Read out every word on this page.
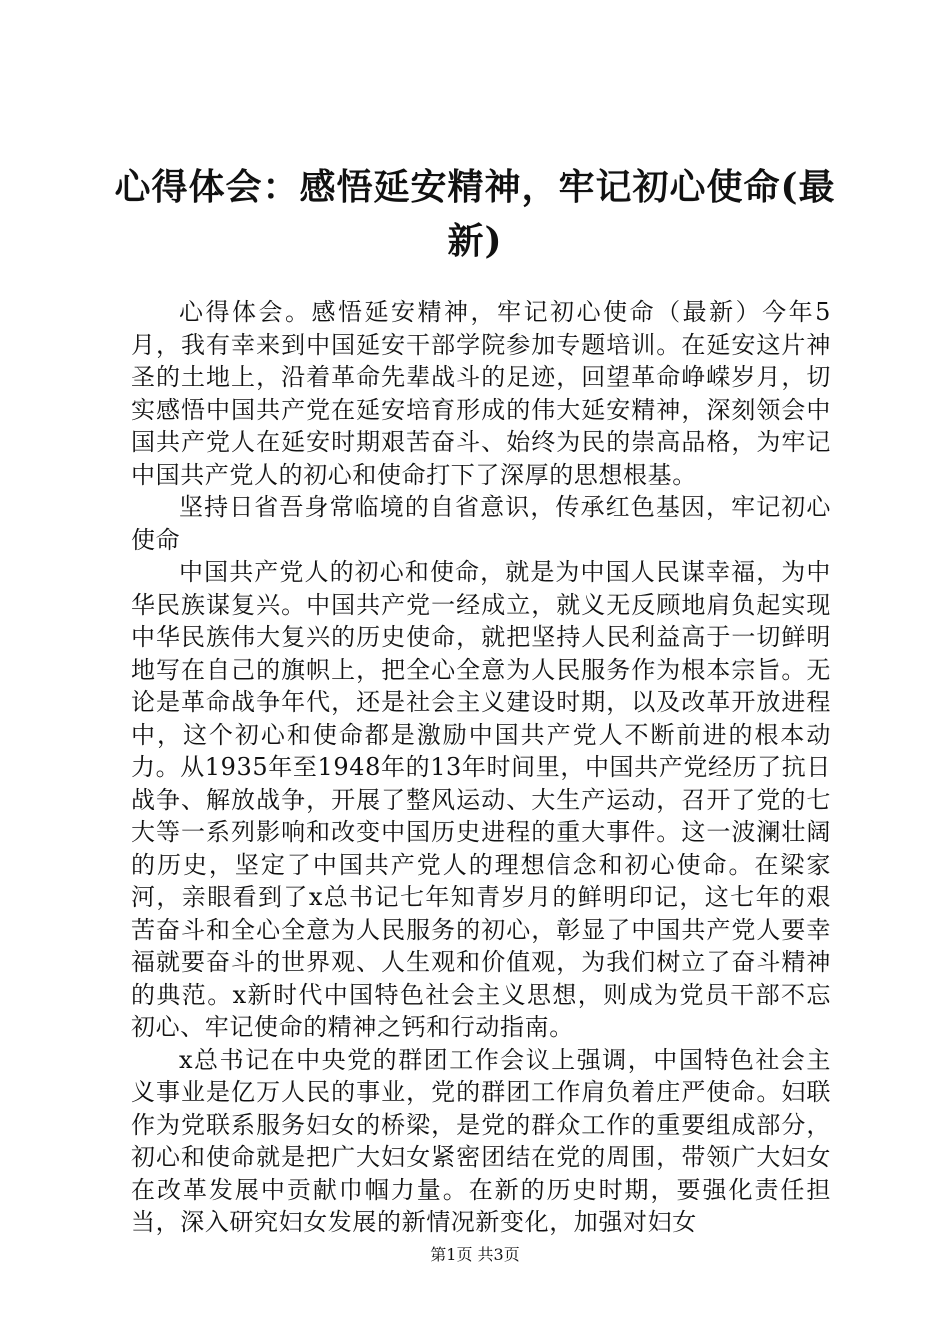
心得体会：感悟延安精神，牢记初心使命(最新)

心得体会。感悟延安精神，牢记初心使命（最新）今年5月，我有幸来到中国延安干部学院参加专题培训。在延安这片神圣的土地上，沿着革命先辈战斗的足迹，回望革命峥嵘岁月，切实感悟中国共产党在延安培育形成的伟大延安精神，深刻领会中国共产党人在延安时期艰苦奋斗、始终为民的崇高品格，为牢记中国共产党人的初心和使命打下了深厚的思想根基。

坚持日省吾身常临境的自省意识，传承红色基因，牢记初心使命

中国共产党人的初心和使命，就是为中国人民谋幸福，为中华民族谋复兴。中国共产党一经成立，就义无反顾地肩负起实现中华民族伟大复兴的历史使命，就把坚持人民利益高于一切鲜明地写在自己的旗帜上，把全心全意为人民服务作为根本宗旨。无论是革命战争年代，还是社会主义建设时期，以及改革开放进程中，这个初心和使命都是激励中国共产党人不断前进的根本动力。从1935年至1948年的13年时间里，中国共产党经历了抗日战争、解放战争，开展了整风运动、大生产运动，召开了党的七大等一系列影响和改变中国历史进程的重大事件。这一波澜壮阔的历史，坚定了中国共产党人的理想信念和初心使命。在梁家河，亲眼看到了x总书记七年知青岁月的鲜明印记，这七年的艰苦奋斗和全心全意为人民服务的初心，彰显了中国共产党人要幸福就要奋斗的世界观、人生观和价值观，为我们树立了奋斗精神的典范。x新时代中国特色社会主义思想，则成为党员干部不忘初心、牢记使命的精神之钙和行动指南。

x总书记在中央党的群团工作会议上强调，中国特色社会主义事业是亿万人民的事业，党的群团工作肩负着庄严使命。妇联作为党联系服务妇女的桥梁，是党的群众工作的重要组成部分，初心和使命就是把广大妇女紧密团结在党的周围，带领广大妇女在改革发展中贡献巾帼力量。在新的历史时期，要强化责任担当，深入研究妇女发展的新情况新变化，加强对妇女

第1页 共3页
